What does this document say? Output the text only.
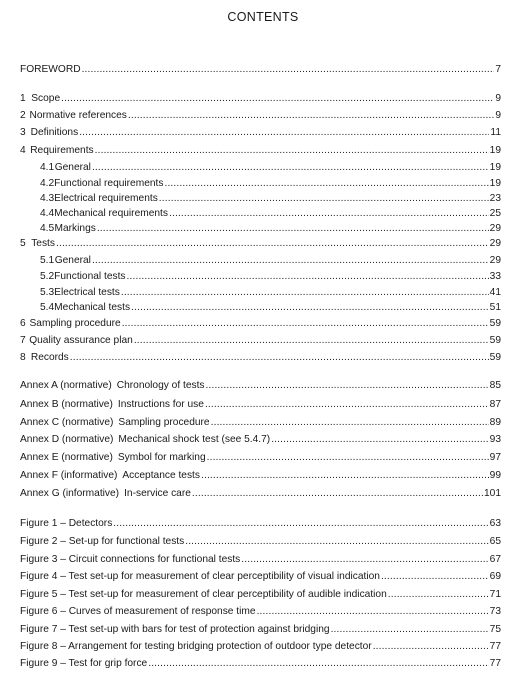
CONTENTS
FOREWORD .....	7
1 Scope .....	9
2 Normative references .....	9
3 Definitions .....	11
4 Requirements .....	19
4.1 General .....	19
4.2 Functional requirements .....	19
4.3 Electrical requirements .....	23
4.4 Mechanical requirements .....	25
4.5 Markings .....	29
5 Tests .....	29
5.1 General .....	29
5.2 Functional tests .....	33
5.3 Electrical tests .....	41
5.4 Mechanical tests .....	51
6 Sampling procedure .....	59
7 Quality assurance plan .....	59
8 Records .....	59
Annex A (normative) Chronology of tests .....	85
Annex B (normative) Instructions for use .....	87
Annex C (normative) Sampling procedure .....	89
Annex D (normative) Mechanical shock test (see 5.4.7) .....	93
Annex E (normative) Symbol for marking .....	97
Annex F (informative) Acceptance tests .....	99
Annex G (informative) In-service care .....	101
Figure 1 – Detectors .....	63
Figure 2 – Set-up for functional tests .....	65
Figure 3 – Circuit connections for functional tests .....	67
Figure 4 – Test set-up for measurement of clear perceptibility of visual indication .....	69
Figure 5 – Test set-up for measurement of clear perceptibility of audible indication .....	71
Figure 6 – Curves of measurement of response time .....	73
Figure 7 – Test set-up with bars for test of protection against bridging .....	75
Figure 8 – Arrangement for testing bridging protection of outdoor type detector .....	77
Figure 9 – Test for grip force .....	77
